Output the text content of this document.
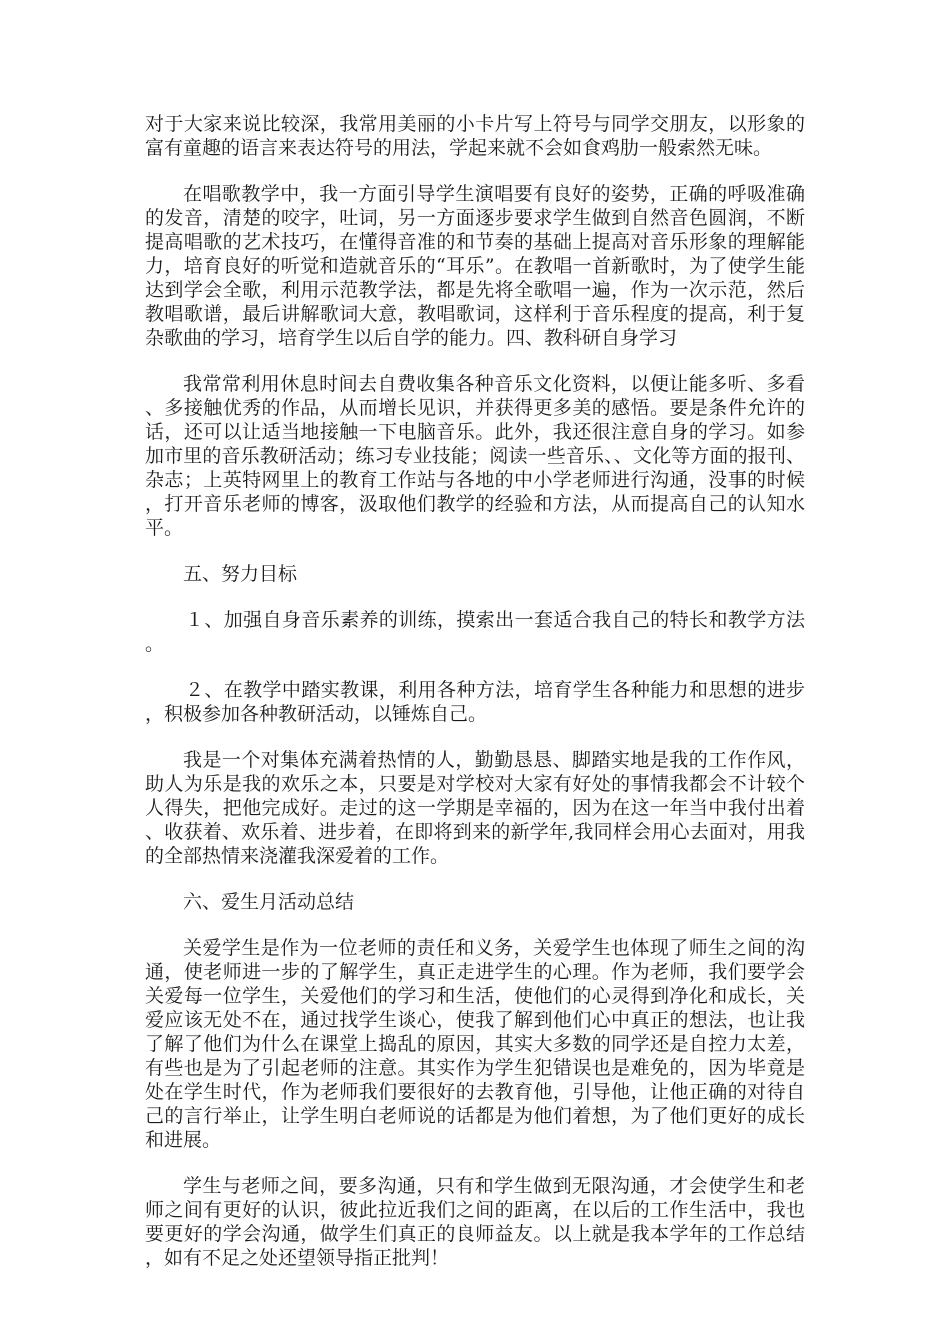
对于大家来说比较深，我常用美丽的小卡片写上符号与同学交朋友，以形象的富有童趣的语言来表达符号的用法，学起来就不会如食鸡肋一般索然无味。

在唱歌教学中，我一方面引导学生演唱要有良好的姿势，正确的呼吸准确的发音，清楚的咬字，吐词，另一方面逐步要求学生做到自然音色圆润，不断提高唱歌的艺术技巧，在懂得音准的和节奏的基础上提高对音乐形象的理解能力，培育良好的听觉和造就音乐的“耳乐”。在教唱一首新歌时，为了使学生能达到学会全歌，利用示范教学法，都是先将全歌唱一遍，作为一次示范，然后教唱歌谱，最后讲解歌词大意，教唱歌词，这样利于音乐程度的提高，利于复杂歌曲的学习，培育学生以后自学的能力。四、教科研自身学习

我常常利用休息时间去自费收集各种音乐文化资料，以便让能多听、多看、多接触优秀的作品，从而增长见识，并获得更多美的感悟。要是条件允许的话，还可以让适当地接触一下电脑音乐。此外，我还很注意自身的学习。如参加市里的音乐教研活动；练习专业技能；阅读一些音乐、、文化等方面的报刊、杂志；上英特网里上的教育工作站与各地的中小学老师进行沟通，没事的时候，打开音乐老师的博客，汲取他们教学的经验和方法，从而提高自己的认知水平。

五、努力目标

１、加强自身音乐素养的训练，摸索出一套适合我自己的特长和教学方法。

２、在教学中踏实教课，利用各种方法，培育学生各种能力和思想的进步，积极参加各种教研活动，以锤炼自己。

我是一个对集体充满着热情的人，勤勤恳恳、脚踏实地是我的工作作风，助人为乐是我的欢乐之本，只要是对学校对大家有好处的事情我都会不计较个人得失，把他完成好。走过的这一学期是幸福的，因为在这一年当中我付出着、收获着、欢乐着、进步着，在即将到来的新学年,我同样会用心去面对，用我的全部热情来浇灌我深爱着的工作。

六、爱生月活动总结

关爱学生是作为一位老师的责任和义务，关爱学生也体现了师生之间的沟通，使老师进一步的了解学生，真正走进学生的心理。作为老师，我们要学会关爱每一位学生，关爱他们的学习和生活，使他们的心灵得到净化和成长，关爱应该无处不在，通过找学生谈心，使我了解到他们心中真正的想法，也让我了解了他们为什么在课堂上捣乱的原因，其实大多数的同学还是自控力太差，有些也是为了引起老师的注意。其实作为学生犯错误也是难免的，因为毕竟是处在学生时代，作为老师我们要很好的去教育他，引导他，让他正确的对待自己的言行举止，让学生明白老师说的话都是为他们着想，为了他们更好的成长和进展。

学生与老师之间，要多沟通，只有和学生做到无限沟通，才会使学生和老师之间有更好的认识，彼此拉近我们之间的距离，在以后的工作生活中，我也要更好的学会沟通，做学生们真正的良师益友。以上就是我本学年的工作总结，如有不足之处还望领导指正批判！
